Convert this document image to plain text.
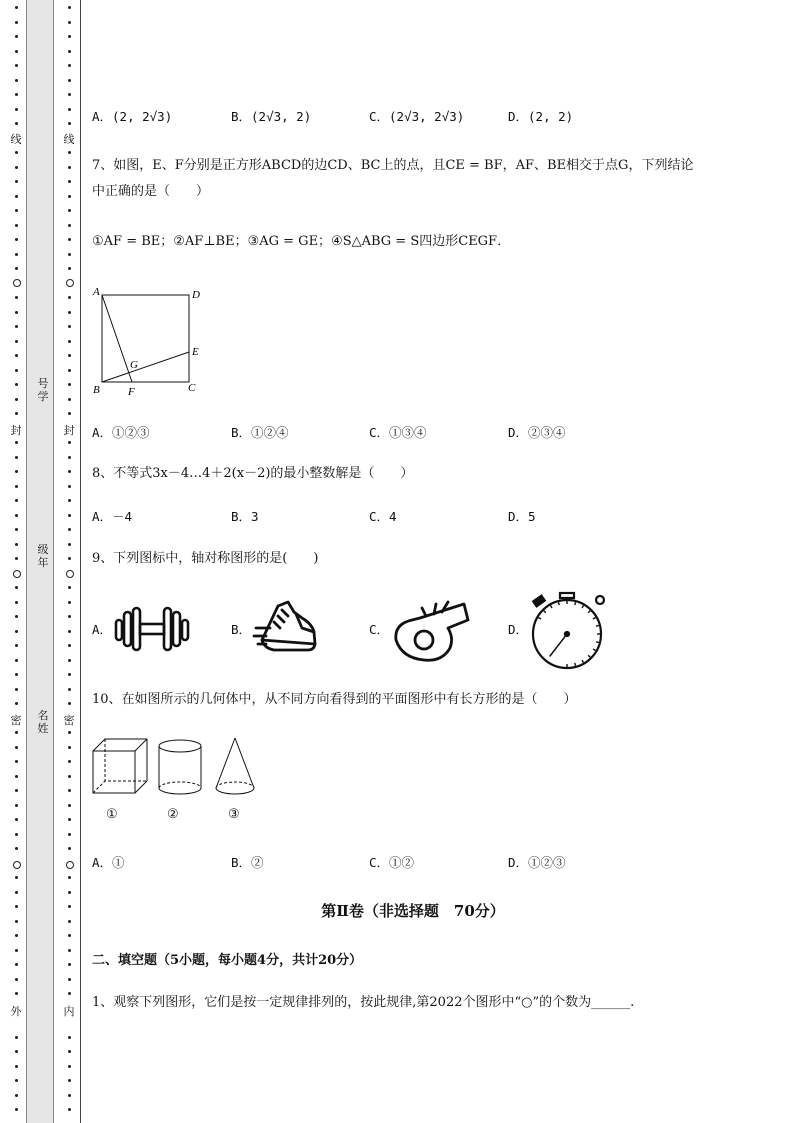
线
封
密
外
线
封
密
内
号学
级年
名姓
A．(2, 2√3)	B．(2√3, 2)	C．(2√3, 2√3)	D．(2, 2)
7、如图，E、F分别是正方形ABCD的边CD、BC上的点，且CE = BF，AF、BE相交于点G，下列结论
中正确的是（　　）
①AF = BE；②AF⊥BE；③AG = GE；④S△ABG = S四边形CEGF．
A	D
E
G
B	F	C
A．①②③	B．①②④	C．①③④	D．②③④
8、不等式3x－4…4＋2(x－2)的最小整数解是（　　）
A．－4	B．3	C．4	D．5
9、下列图标中，轴对称图形的是(　　)
A．	B．	C．	D．
10、在如图所示的几何体中，从不同方向看得到的平面图形中有长方形的是（　　）
①	②	③
A．①	B．②	C．①②	D．①②③
第Ⅱ卷（非选择题　70分）
二、填空题（5小题，每小题4分，共计20分）
1、观察下列图形，它们是按一定规律排列的，按此规律,第2022个图形中“○”的个数为______.
